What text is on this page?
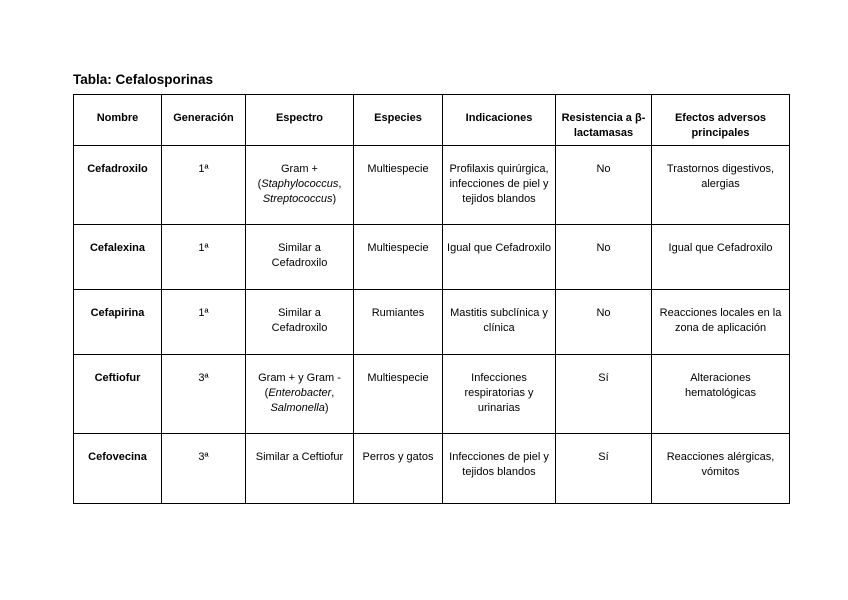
Tabla: Cefalosporinas
Nombre	Generación	Espectro	Especies	Indicaciones	Resistencia a β-lactamasas	Efectos adversos principales
Cefadroxilo	1ª	Gram + (Staphylococcus, Streptococcus)	Multiespecie	Profilaxis quirúrgica, infecciones de piel y tejidos blandos	No	Trastornos digestivos, alergias
Cefalexina	1ª	Similar a Cefadroxilo	Multiespecie	Igual que Cefadroxilo	No	Igual que Cefadroxilo
Cefapirina	1ª	Similar a Cefadroxilo	Rumiantes	Mastitis subclínica y clínica	No	Reacciones locales en la zona de aplicación
Ceftiofur	3ª	Gram + y Gram - (Enterobacter, Salmonella)	Multiespecie	Infecciones respiratorias y urinarias	Sí	Alteraciones hematológicas
Cefovecina	3ª	Similar a Ceftiofur	Perros y gatos	Infecciones de piel y tejidos blandos	Sí	Reacciones alérgicas, vómitos
